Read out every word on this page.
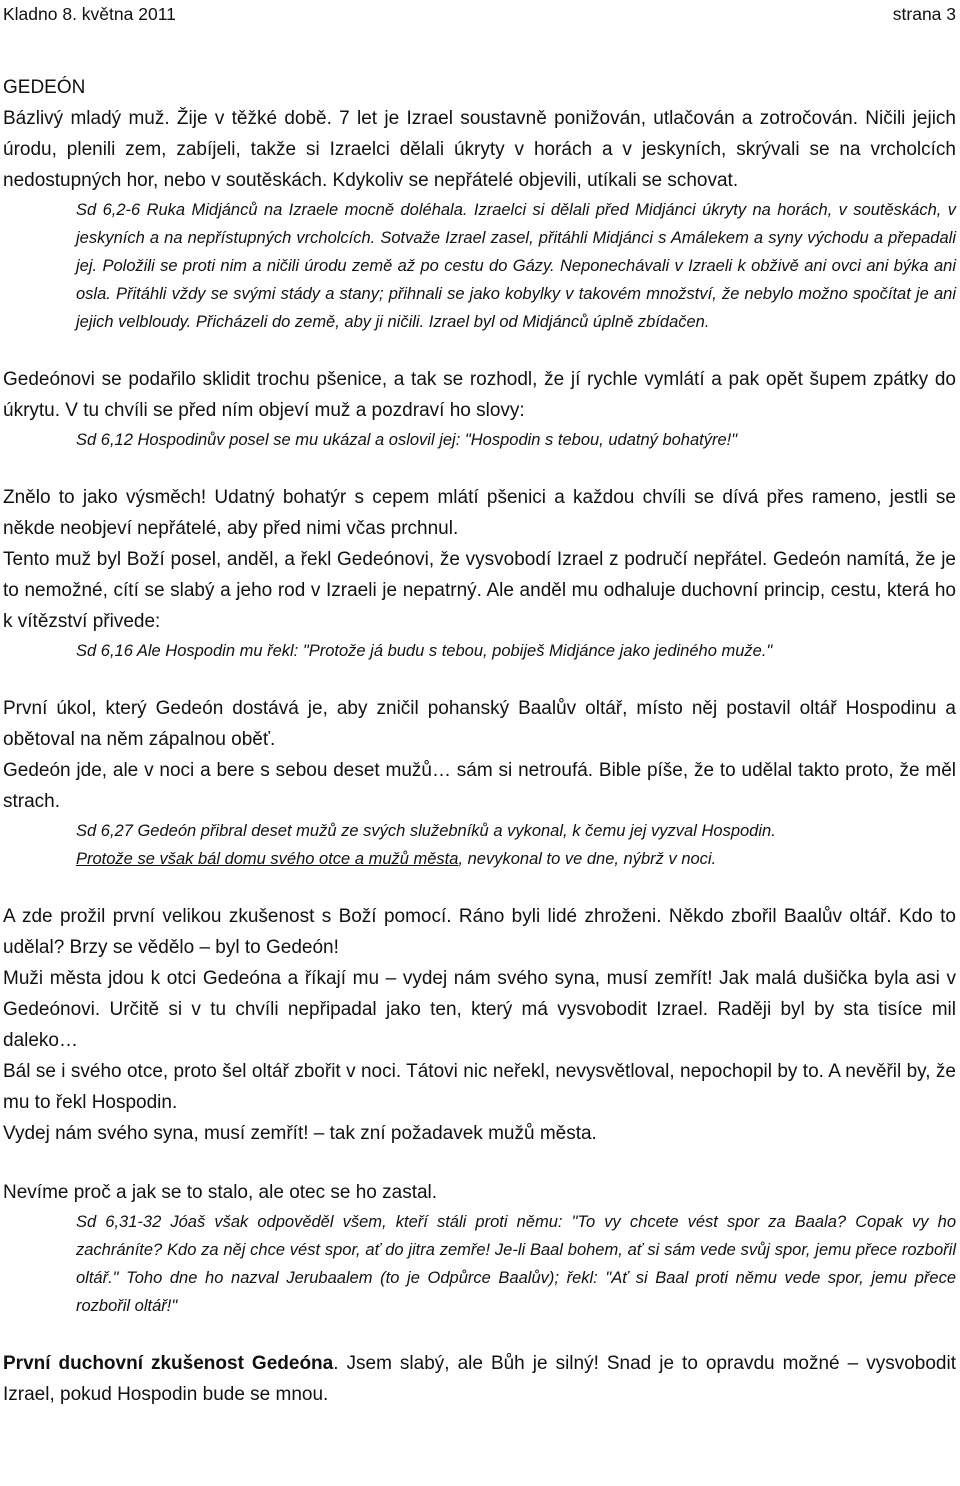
Kladno 8. května 2011	strana 3
GEDEÓN

Bázlivý mladý muž. Žije v těžké době. 7 let je Izrael soustavně ponižován, utlačován a zotročován. Ničili jejich úrodu, plenili zem, zabíjeli, takže si Izraelci dělali úkryty v horách a v jeskyních, skrývali se na vrcholcích nedostupných hor, nebo v soutěskách. Kdykoliv se nepřátelé objevili, utíkali se schovat.

Sd 6,2-6 Ruka Midjánců na Izraele mocně doléhala. Izraelci si dělali před Midjánci úkryty na horách, v soutěskách, v jeskyních a na nepřístupných vrcholcích. Sotvaže Izrael zasel, přitáhli Midjánci s Amálekem a syny východu a přepadali jej. Položili se proti nim a ničili úrodu země až po cestu do Gázy. Neponechávali v Izraeli k obživě ani ovci ani býka ani osla. Přitáhli vždy se svými stády a stany; přihnali se jako kobylky v takovém množství, že nebylo možno spočítat je ani jejich velbloudy. Přicházeli do země, aby ji ničili. Izrael byl od Midjánců úplně zbídačen.

Gedeónovi se podařilo sklidit trochu pšenice, a tak se rozhodl, že jí rychle vymlátí a pak opět šupem zpátky do úkrytu. V tu chvíli se před ním objeví muž a pozdraví ho slovy:

Sd 6,12 Hospodinův posel se mu ukázal a oslovil jej: "Hospodin s tebou, udatný bohatýre!"

Znělo to jako výsměch! Udatný bohatýr s cepem mlátí pšenici a každou chvíli se dívá přes rameno, jestli se někde neobjeví nepřátelé, aby před nimi včas prchnul.

Tento muž byl Boží posel, anděl, a řekl Gedeónovi, že vysvobodí Izrael z područí nepřátel. Gedeón namítá, že je to nemožné, cítí se slabý a jeho rod v Izraeli je nepatrný. Ale anděl mu odhaluje duchovní princip, cestu, která ho k vítězství přivede:

Sd 6,16 Ale Hospodin mu řekl: "Protože já budu s tebou, pobiješ Midjánce jako jediného muže."

První úkol, který Gedeón dostává je, aby zničil pohanský Baalův oltář, místo něj postavil oltář Hospodinu a obětoval na něm zápalnou oběť.

Gedeón jde, ale v noci a bere s sebou deset mužů… sám si netroufá. Bible píše, že to udělal takto proto, že měl strach.

Sd 6,27 Gedeón přibral deset mužů ze svých služebníků a vykonal, k čemu jej vyzval Hospodin.
Protože se však bál domu svého otce a mužů města, nevykonal to ve dne, nýbrž v noci.

A zde prožil první velikou zkušenost s Boží pomocí. Ráno byli lidé zhroženi. Někdo zbořil Baalův oltář. Kdo to udělal? Brzy se vědělo – byl to Gedeón!

Muži města jdou k otci Gedeóna a říkají mu – vydej nám svého syna, musí zemřít! Jak malá dušička byla asi v Gedeónovi. Určitě si v tu chvíli nepřipadal jako ten, který má vysvobodit Izrael. Raději byl by sta tisíce mil daleko…

Bál se i svého otce, proto šel oltář zbořit v noci. Tátovi nic neřekl, nevysvětloval, nepochopil by to. A nevěřil by, že mu to řekl Hospodin.

Vydej nám svého syna, musí zemřít! – tak zní požadavek mužů města.

Nevíme proč a jak se to stalo, ale otec se ho zastal.

Sd 6,31-32 Jóaš však odpověděl všem, kteří stáli proti němu: "To vy chcete vést spor za Baala? Copak vy ho zachráníte? Kdo za něj chce vést spor, ať do jitra zemře! Je-li Baal bohem, ať si sám vede svůj spor, jemu přece rozbořil oltář." Toho dne ho nazval Jerubaalem (to je Odpůrce Baalův); řekl: "Ať si Baal proti němu vede spor, jemu přece rozbořil oltář!"

První duchovní zkušenost Gedeóna. Jsem slabý, ale Bůh je silný! Snad je to opravdu možné – vysvobodit Izrael, pokud Hospodin bude se mnou.
